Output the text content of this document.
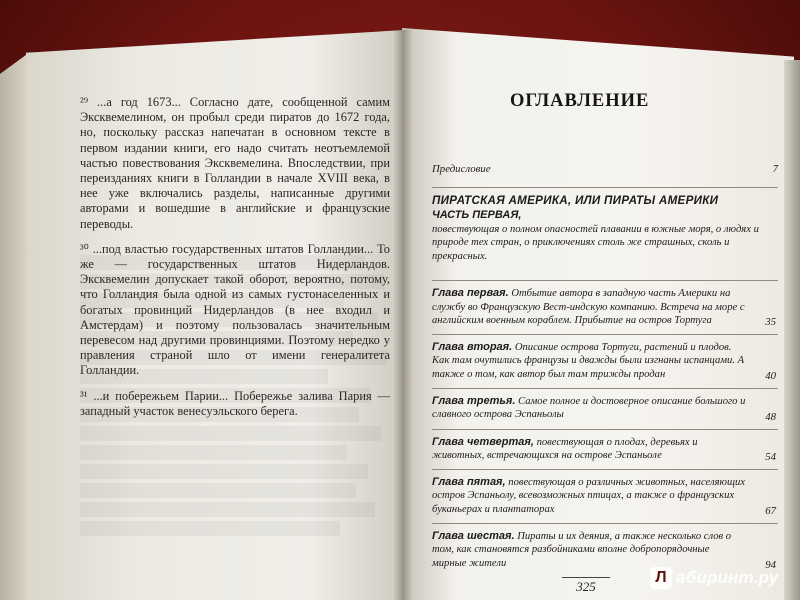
²⁹ ...а год 1673... Согласно дате, сообщенной самим Эксквемелином, он пробыл среди пиратов до 1672 года, но, поскольку рассказ напечатан в основном тексте в первом издании книги, его надо считать неотъемлемой частью повествования Эксквемелина. Впоследствии, при переизданиях книги в Голландии в начале XVIII века, в нее уже включались разделы, написанные другими авторами и вошедшие в английские и французские переводы.

³⁰ ...под властью государственных штатов Голландии... То же — государственных штатов Нидерландов. Эксквемелин допускает такой оборот, вероятно, потому, что Голландия была одной из самых густонаселенных и богатых провинций Нидерландов (в нее входил и Амстердам) и поэтому пользовалась значительным перевесом над другими провинциями. Поэтому нередко у правления страной шло от имени генералитета Голландии.

³¹ ...и побережьем Парии... Побережье залива Пария — западный участок венесуэльского берега.

ОГЛАВЛЕНИЕ
Предисловие	7
ПИРАТСКАЯ АМЕРИКА, ИЛИ ПИРАТЫ АМЕРИКИ
ЧАСТЬ ПЕРВАЯ,
повествующая о полном опасностей плавании в южные моря, о людях и природе тех стран, о приключениях столь же страшных, сколь и прекрасных.
Глава первая. Отбытие автора в западную часть Америки на службу во Французскую Вест-индскую компанию. Встреча на море с английским военным кораблем. Прибытие на остров Тортуга	35
Глава вторая. Описание острова Тортуги, растений и плодов. Как там очутились французы и дважды были изгнаны испанцами. А также о том, как автор был там трижды продан	40
Глава третья. Самое полное и достоверное описание большого и славного острова Эспаньолы	48
Глава четвертая, повествующая о плодах, деревьях и животных, встречающихся на острове Эспаньоле	54
Глава пятая, повествующая о различных животных, населяющих остров Эспаньолу, всевозможных птицах, а также о французских буканьерах и плантаторах	67
Глава шестая. Пираты и их деяния, а также несколько слов о том, как становятся разбойниками вполне добропорядочные мирные жители	94
325
Л абиринт.ру
